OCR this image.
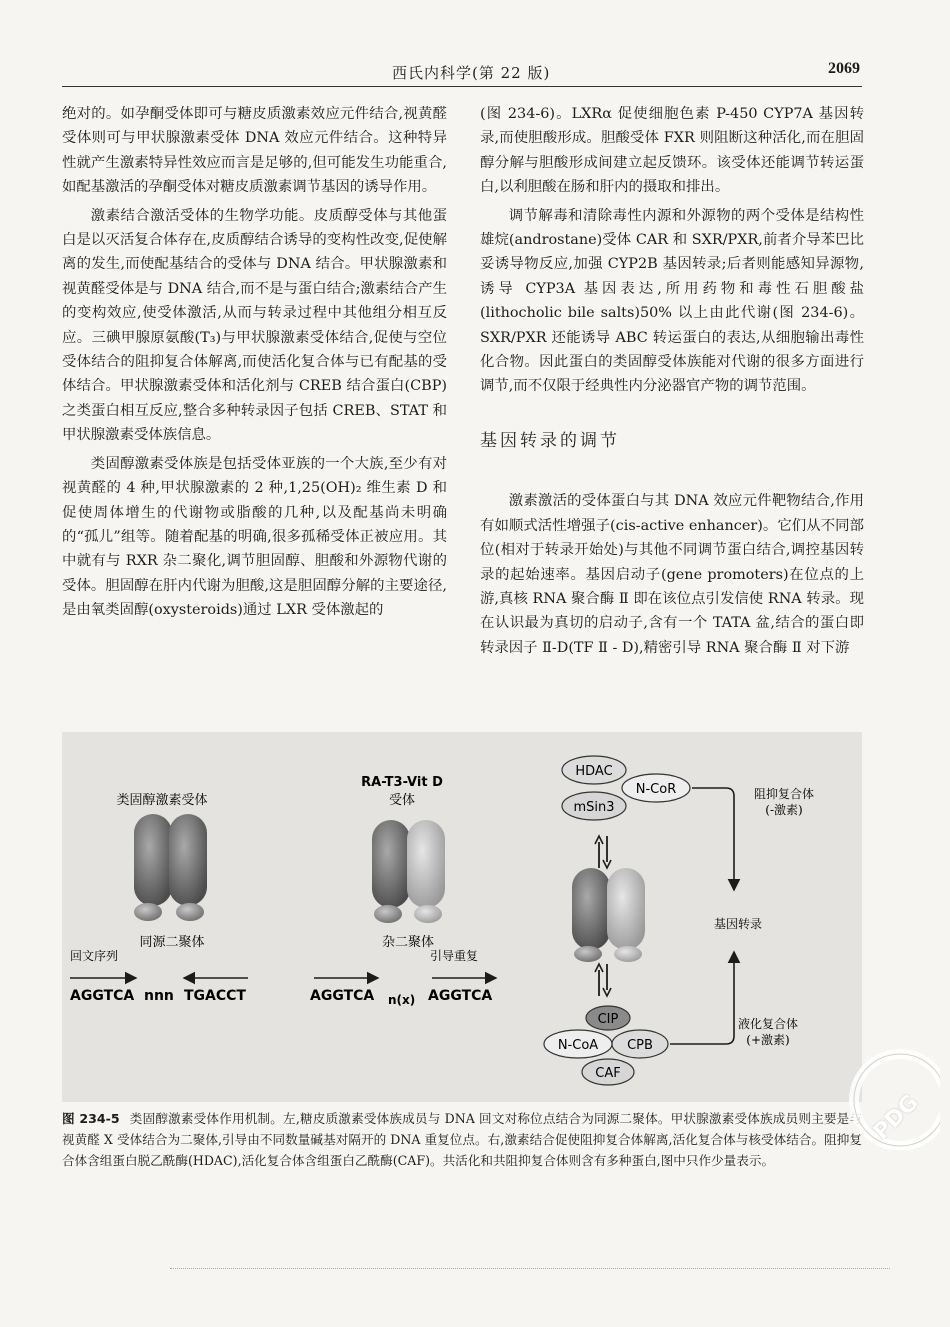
西氏内科学(第 22 版)	2069

绝对的。如孕酮受体即可与糖皮质激素效应元件结合,视黄醛受体则可与甲状腺激素受体 DNA 效应元件结合。这种特异性就产生激素特异性效应而言是足够的,但可能发生功能重合,如配基激活的孕酮受体对糖皮质激素调节基因的诱导作用。

激素结合激活受体的生物学功能。皮质醇受体与其他蛋白是以灭活复合体存在,皮质醇结合诱导的变构性改变,促使解离的发生,而使配基结合的受体与 DNA 结合。甲状腺激素和视黄醛受体是与 DNA 结合,而不是与蛋白结合;激素结合产生的变构效应,使受体激活,从而与转录过程中其他组分相互反应。三碘甲腺原氨酸(T₃)与甲状腺激素受体结合,促使与空位受体结合的阻抑复合体解离,而使活化复合体与已有配基的受体结合。甲状腺激素受体和活化剂与 CREB 结合蛋白(CBP)之类蛋白相互反应,整合多种转录因子包括 CREB、STAT 和甲状腺激素受体族信息。

类固醇激素受体族是包括受体亚族的一个大族,至少有对视黄醛的 4 种,甲状腺激素的 2 种,1,25(OH)₂ 维生素 D 和促使周体增生的代谢物或脂酸的几种,以及配基尚未明确的“孤儿”组等。随着配基的明确,很多孤稀受体正被应用。其中就有与 RXR 杂二聚化,调节胆固醇、胆酸和外源物代谢的受体。胆固醇在肝内代谢为胆酸,这是胆固醇分解的主要途径,是由氧类固醇(oxysteroids)通过 LXR 受体激起的

(图 234-6)。LXRα 促使细胞色素 P-450 CYP7A 基因转录,而使胆酸形成。胆酸受体 FXR 则阻断这种活化,而在胆固醇分解与胆酸形成间建立起反馈环。该受体还能调节转运蛋白,以利胆酸在肠和肝内的摄取和排出。

调节解毒和清除毒性内源和外源物的两个受体是结构性雄烷(androstane)受体 CAR 和 SXR/PXR,前者介导苯巴比妥诱导物反应,加强 CYP2B 基因转录;后者则能感知异源物,诱导 CYP3A 基因表达,所用药物和毒性石胆酸盐(lithocholic bile salts)50% 以上由此代谢(图 234-6)。SXR/PXR 还能诱导 ABC 转运蛋白的表达,从细胞输出毒性化合物。因此蛋白的类固醇受体族能对代谢的很多方面进行调节,而不仅限于经典性内分泌器官产物的调节范围。

基因转录的调节

激素激活的受体蛋白与其 DNA 效应元件靶物结合,作用有如顺式活性增强子(cis-active enhancer)。它们从不同部位(相对于转录开始处)与其他不同调节蛋白结合,调控基因转录的起始速率。基因启动子(gene promoters)在位点的上游,真核 RNA 聚合酶 Ⅱ 即在该位点引发信使 RNA 转录。现在认识最为真切的启动子,含有一个 TATA 盆,结合的蛋白即转录因子 Ⅱ-D(TF Ⅱ - D),精密引导 RNA 聚合酶 Ⅱ 对下游

类固醇激素受体
同源二聚体
RA-T3-Vit D
受体
杂二聚体
回文序列
AGGTCA nnn TGACCT
引导重复
AGGTCA n(x) AGGTCA
HDAC
N-CoR
mSin3
阻抑复合体
(-激素)
基因转录
CIP
N-CoA CPB
CAF
液化复合体
(+激素)
图 234-5 类固醇激素受体作用机制。左,糖皮质激素受体族成员与 DNA 回文对称位点结合为同源二聚体。甲状腺激素受体族成员则主要是与视黄醛 X 受体结合为二聚体,引导由不同数量碱基对隔开的 DNA 重复位点。右,激素结合促使阻抑复合体解离,活化复合体与核受体结合。阻抑复合体含组蛋白脱乙酰酶(HDAC),活化复合体含组蛋白乙酰酶(CAF)。共活化和共阻抑复合体则含有多种蛋白,图中只作少量表示。
PDG
